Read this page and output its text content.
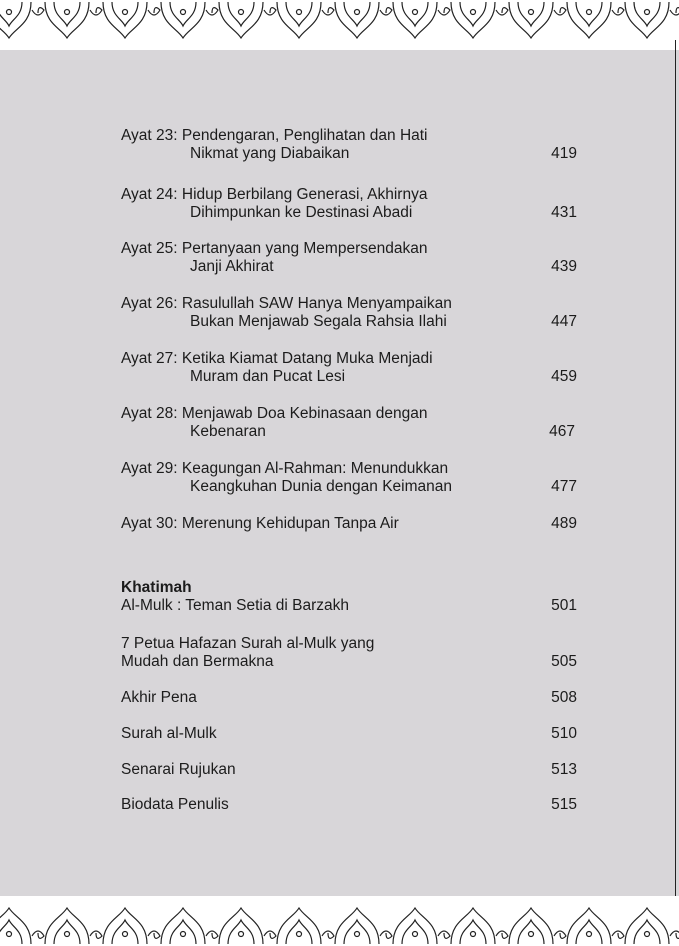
Ayat 23: Pendengaran, Penglihatan dan Hati
Nikmat yang Diabaikan	419
Ayat 24: Hidup Berbilang Generasi, Akhirnya
Dihimpunkan ke Destinasi Abadi	431
Ayat 25: Pertanyaan yang Mempersendakan
Janji Akhirat	439
Ayat 26: Rasulullah SAW Hanya Menyampaikan
Bukan Menjawab Segala Rahsia Ilahi	447
Ayat 27: Ketika Kiamat Datang Muka Menjadi
Muram dan Pucat Lesi	459
Ayat 28: Menjawab Doa Kebinasaan dengan
Kebenaran	467
Ayat 29: Keagungan Al-Rahman: Menundukkan
Keangkuhan Dunia dengan Keimanan	477
Ayat 30: Merenung Kehidupan Tanpa Air	489
Khatimah
Al-Mulk : Teman Setia di Barzakh	501
7 Petua Hafazan Surah al-Mulk yang
Mudah dan Bermakna	505
Akhir Pena	508
Surah al-Mulk	510
Senarai Rujukan	513
Biodata Penulis	515
